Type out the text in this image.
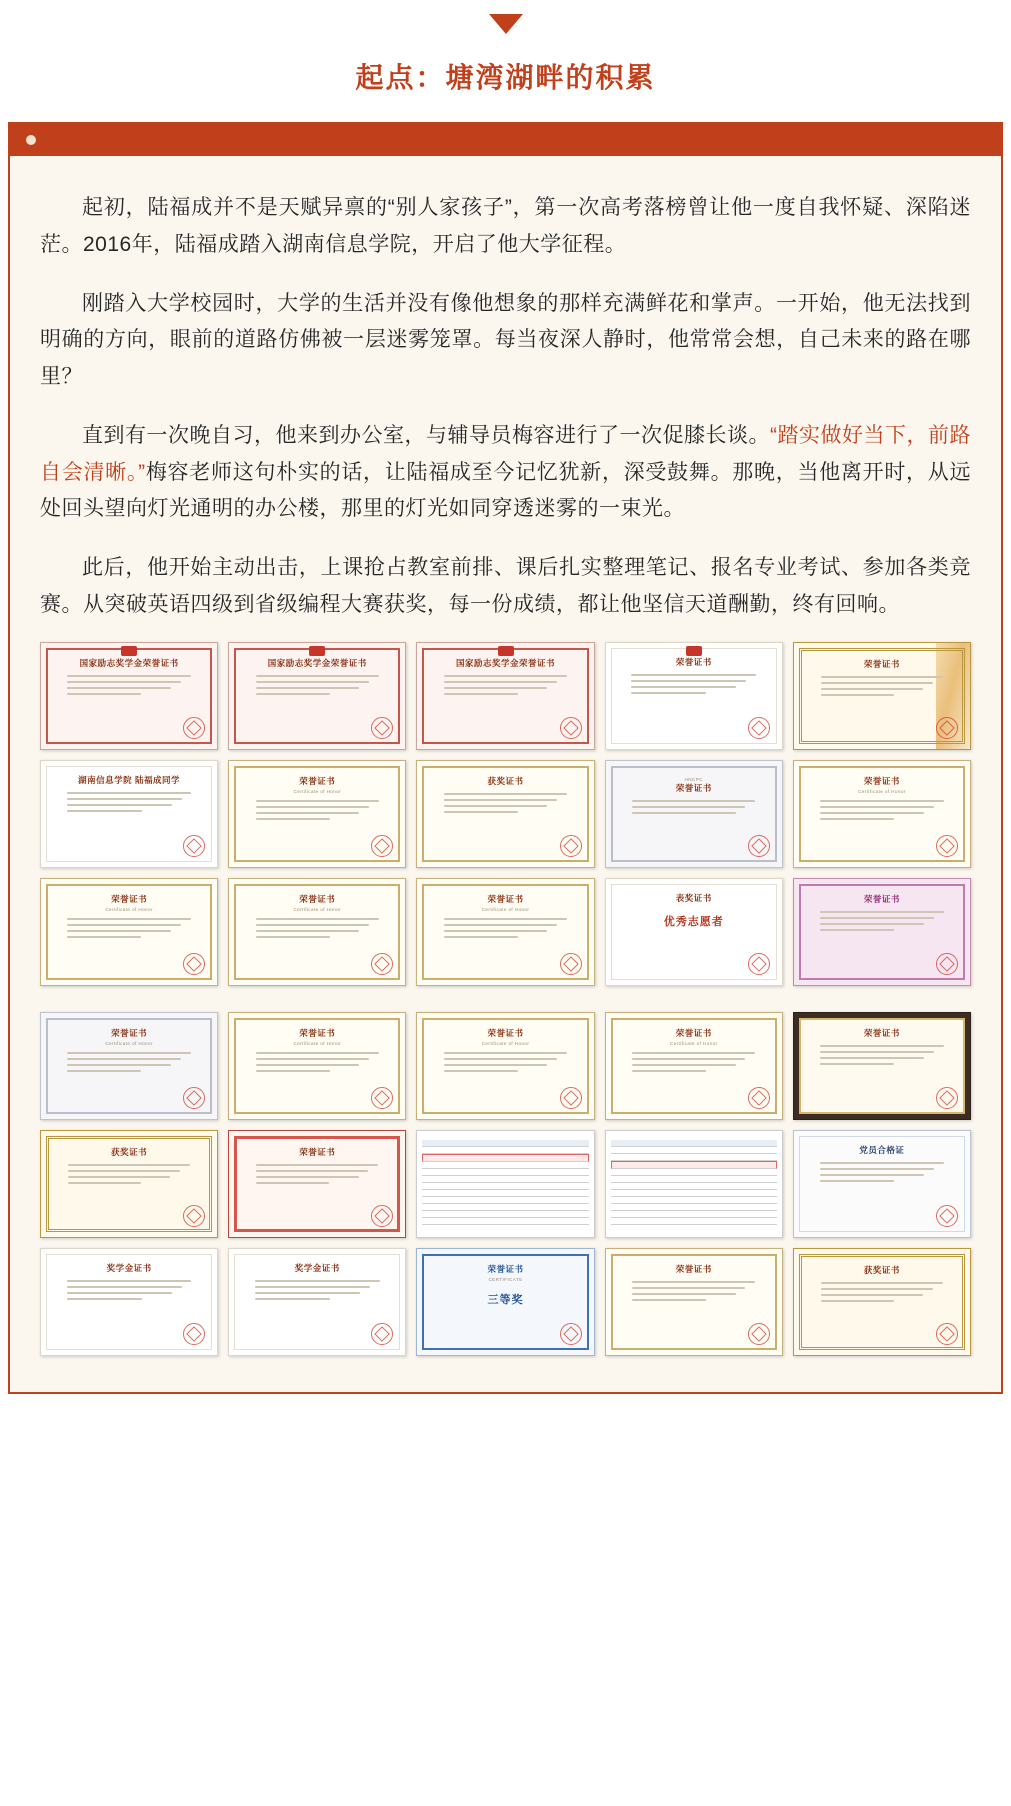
起点：塘湾湖畔的积累

起初，陆福成并不是天赋异禀的“别人家孩子”，第一次高考落榜曾让他一度自我怀疑、深陷迷茫。2016年，陆福成踏入湖南信息学院，开启了他大学征程。

刚踏入大学校园时，大学的生活并没有像他想象的那样充满鲜花和掌声。一开始，他无法找到明确的方向，眼前的道路仿佛被一层迷雾笼罩。每当夜深人静时，他常常会想，自己未来的路在哪里？

直到有一次晚自习，他来到办公室，与辅导员梅容进行了一次促膝长谈。“踏实做好当下，前路自会清晰。”梅容老师这句朴实的话，让陆福成至今记忆犹新，深受鼓舞。那晚，当他离开时，从远处回头望向灯光通明的办公楼，那里的灯光如同穿透迷雾的一束光。

此后，他开始主动出击，上课抢占教室前排、课后扎实整理笔记、报名专业考试、参加各类竞赛。从突破英语四级到省级编程大赛获奖，每一份成绩，都让他坚信天道酬勤，终有回响。

国家励志奖学金荣誉证书	国家励志奖学金荣誉证书	国家励志奖学金荣誉证书	荣誉证书	荣誉证书
湖南信息学院 陆福成同学	荣誉证书
Certificate of Honor
获奖证书	HNCPC
荣誉证书
荣誉证书
Certificate of Honor
荣誉证书
Certificate of Honor
荣誉证书
Certificate of Honor
荣誉证书
Certificate of Honor
表奖证书
优秀志愿者
荣誉证书
荣誉证书
Certificate of Honor
荣誉证书
Certificate of Honor
荣誉证书
Certificate of Honor
荣誉证书
Certificate of Honor
荣誉证书
获奖证书	荣誉证书	党员合格证
奖学金证书	奖学金证书	荣誉证书
CERTIFICATE
三等奖
荣誉证书	获奖证书
